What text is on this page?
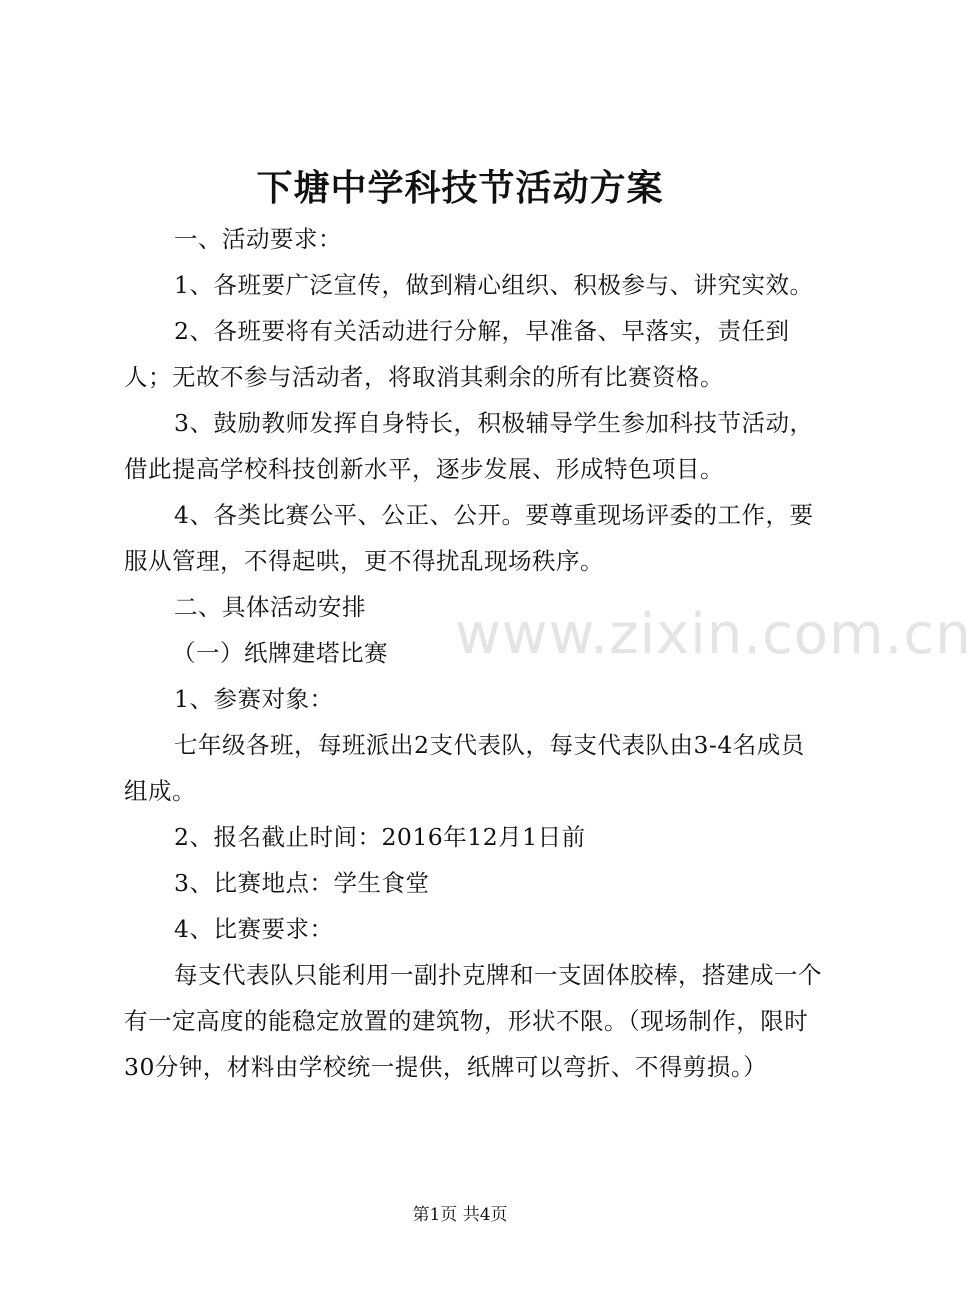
下塘中学科技节活动方案

一、活动要求：

1、各班要广泛宣传，做到精心组织、积极参与、讲究实效。

2、各班要将有关活动进行分解，早准备、早落实，责任到人；无故不参与活动者，将取消其剩余的所有比赛资格。

3、鼓励教师发挥自身特长，积极辅导学生参加科技节活动，借此提高学校科技创新水平，逐步发展、形成特色项目。

4、各类比赛公平、公正、公开。要尊重现场评委的工作，要服从管理，不得起哄，更不得扰乱现场秩序。

二、具体活动安排

（一）纸牌建塔比赛

1、参赛对象：

七年级各班，每班派出2支代表队，每支代表队由3-4名成员组成。

2、报名截止时间：2016年12月1日前

3、比赛地点：学生食堂

4、比赛要求：

每支代表队只能利用一副扑克牌和一支固体胶棒，搭建成一个有一定高度的能稳定放置的建筑物，形状不限。（现场制作，限时30分钟，材料由学校统一提供，纸牌可以弯折、不得剪损。）

www.zixin.com.cn
第1页 共4页
